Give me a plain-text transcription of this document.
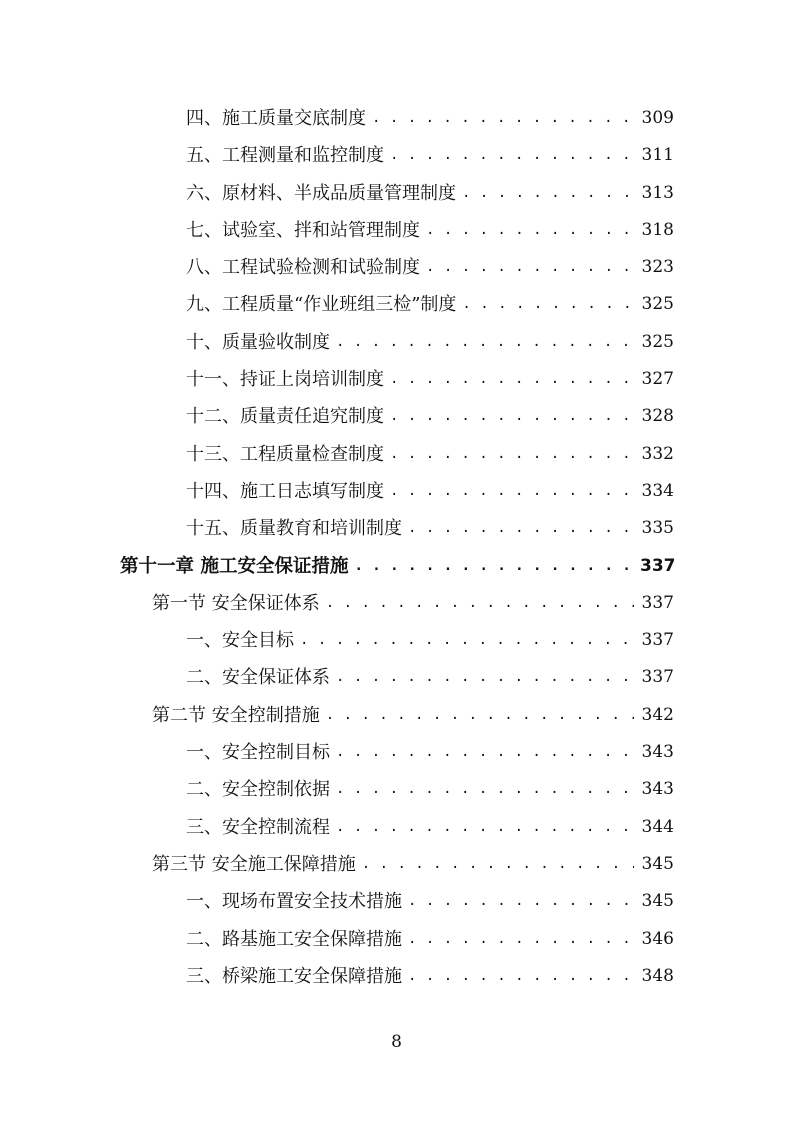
四、施工质量交底制度 . . .	309
五、工程测量和监控制度 . . .	311
六、原材料、半成品质量管理制度 . . .	313
七、试验室、拌和站管理制度 . . .	318
八、工程试验检测和试验制度 . . .	323
九、工程质量“作业班组三检”制度 . . .	325
十、质量验收制度 . . .	325
十一、持证上岗培训制度 . . .	327
十二、质量责任追究制度 . . .	328
十三、工程质量检查制度 . . .	332
十四、施工日志填写制度 . . .	334
十五、质量教育和培训制度 . . .	335
第十一章 施工安全保证措施 . . .	337
第一节 安全保证体系 . . .	337
一、安全目标 . . .	337
二、安全保证体系 . . .	337
第二节 安全控制措施 . . .	342
一、安全控制目标 . . .	343
二、安全控制依据 . . .	343
三、安全控制流程 . . .	344
第三节 安全施工保障措施 . . .	345
一、现场布置安全技术措施 . . .	345
二、路基施工安全保障措施 . . .	346
三、桥梁施工安全保障措施 . . .	348
8
